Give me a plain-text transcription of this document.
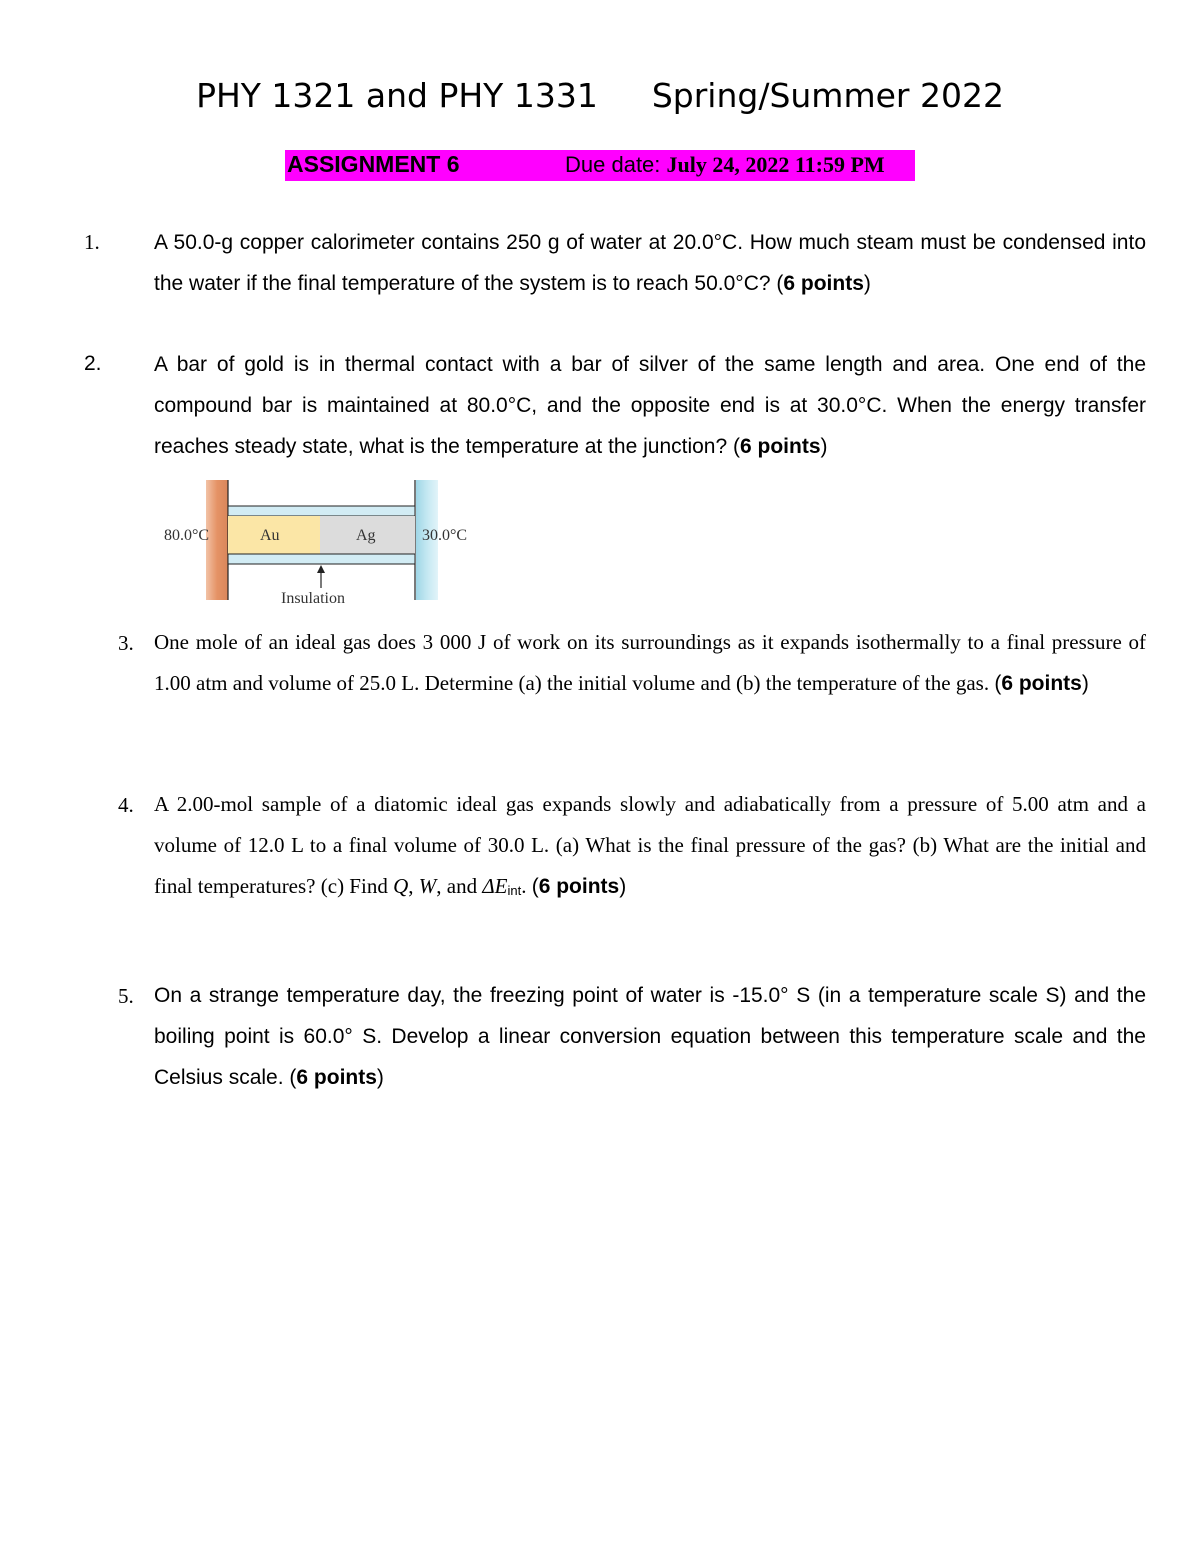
PHY 1321 and PHY 1331 Spring/Summer 2022
ASSIGNMENT 6	Due date: July 24, 2022 11:59 PM
1.	A 50.0-g copper calorimeter contains 250 g of water at 20.0°C. How much steam must be condensed into the water if the final temperature of the system is to reach 50.0°C? (6 points)
2. A bar of gold is in thermal contact with a bar of silver of the same length and area. One end of the compound bar is maintained at 80.0°C, and the opposite end is at 30.0°C. When the energy transfer reaches steady state, what is the temperature at the junction? (6 points)
80.0°C	Au	Ag	30.0°C
Insulation
3. One mole of an ideal gas does 3 000 J of work on its surroundings as it expands isothermally to a final pressure of 1.00 atm and volume of 25.0 L. Determine (a) the initial volume and (b) the temperature of the gas. (6 points)
4. A 2.00-mol sample of a diatomic ideal gas expands slowly and adiabatically from a pressure of 5.00 atm and a volume of 12.0 L to a final volume of 30.0 L. (a) What is the final pressure of the gas? (b) What are the initial and final temperatures? (c) Find Q, W, and ΔEint. (6 points)
5. On a strange temperature day, the freezing point of water is -15.0° S (in a temperature scale S) and the boiling point is 60.0° S. Develop a linear conversion equation between this temperature scale and the Celsius scale. (6 points)
